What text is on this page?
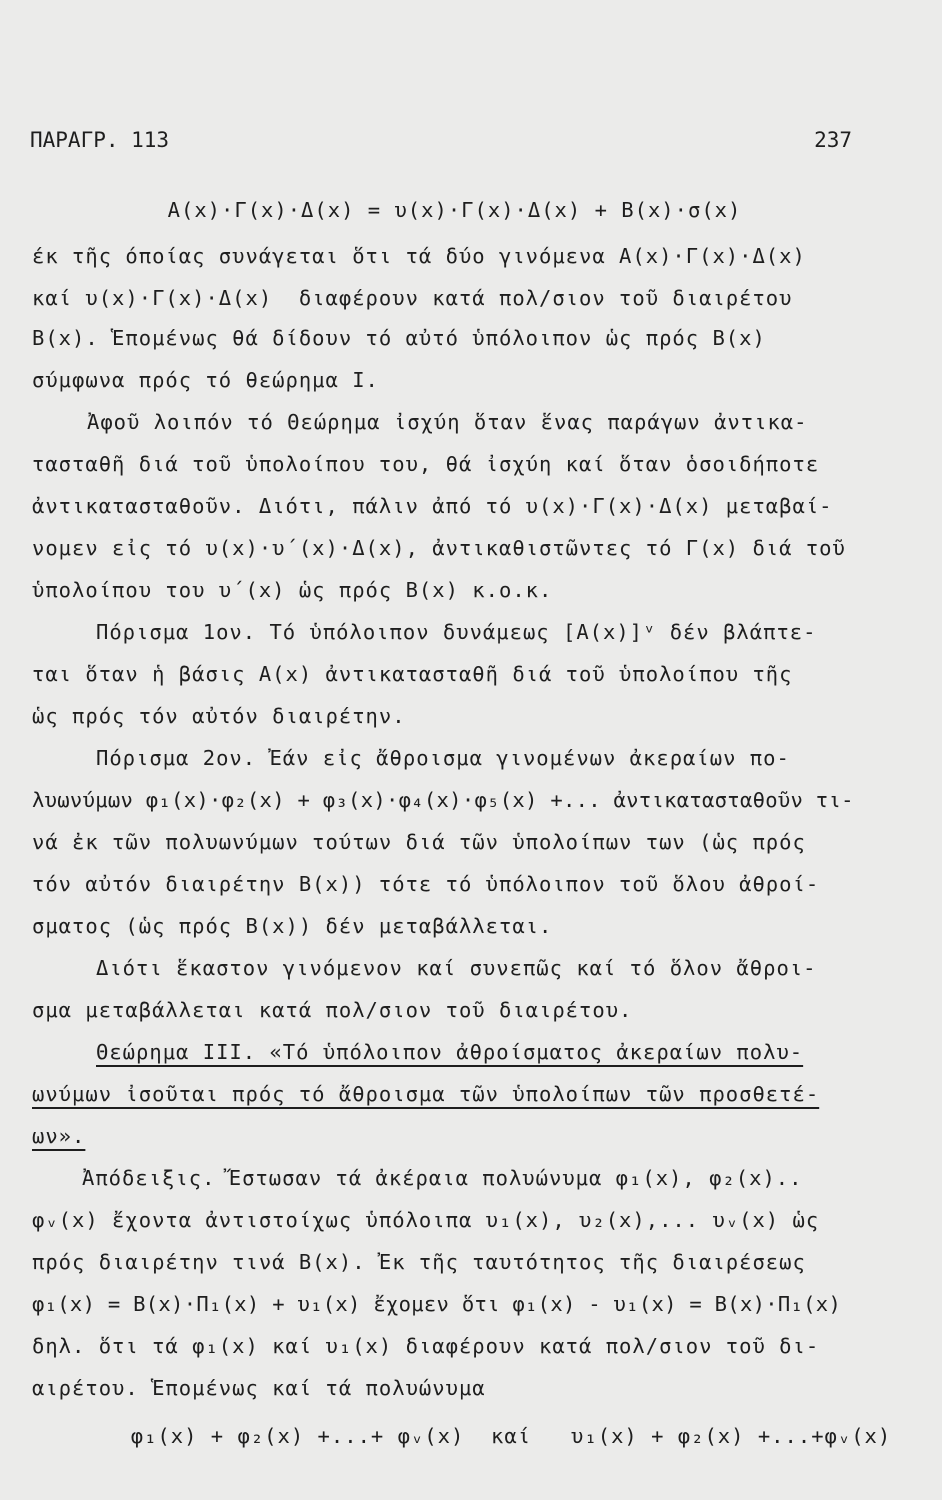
ΠΑΡΑΓΡ. 113	237
Α(x)·Γ(x)·Δ(x) = υ(x)·Γ(x)·Δ(x) + Β(x)·σ(x)
έκ τῆς όποίας συνάγεται ὅτι τά δύο γινόμενα Α(x)·Γ(x)·Δ(x)
καί υ(x)·Γ(x)·Δ(x)  διαφέρουν κατά πολ/σιον τοῦ διαιρέτου
Β(x). Ἑπομένως θά δίδουν τό αὐτό ὑπόλοιπον ὡς πρός Β(x)
σύμφωνα πρός τό θεώρημα Ι.
Ἀφοῦ λοιπόν τό Θεώρημα ἰσχύη ὅταν ἕνας παράγων ἀντικα-
τασταθῆ διά τοῦ ὑπολοίπου του, θά ἰσχύη καί ὅταν ὁσοιδήποτε
ἀντικατασταθοῦν. Διότι, πάλιν ἀπό τό υ(x)·Γ(x)·Δ(x) μεταβαί-
νομεν εἰς τό υ(x)·υ΄(x)·Δ(x), ἀντικαθιστῶντες τό Γ(x) διά τοῦ
ὑπολοίπου του υ΄(x) ὡς πρός Β(x) κ.ο.κ.
Πόρισμα 1ον. Τό ὑπόλοιπον δυνάμεως [Α(x)]ᵛ δέν βλάπτε-
ται ὅταν ἡ βάσις Α(x) ἀντικατασταθῆ διά τοῦ ὑπολοίπου τῆς
ὡς πρός τόν αὐτόν διαιρέτην.
Πόρισμα 2ον. Ἐάν εἰς ἄθροισμα γινομένων ἀκεραίων πο-
λυωνύμων φ₁(x)·φ₂(x) + φ₃(x)·φ₄(x)·φ₅(x) +... ἀντικατασταθοῦν τι-
νά ἐκ τῶν πολυωνύμων τούτων διά τῶν ὑπολοίπων των (ὡς πρός
τόν αὐτόν διαιρέτην Β(x)) τότε τό ὑπόλοιπον τοῦ ὅλου ἀθροί-
σματος (ὡς πρός Β(x)) δέν μεταβάλλεται.
Διότι ἕκαστον γινόμενον καί συνεπῶς καί τό ὅλον ἄθροι-
σμα μεταβάλλεται κατά πολ/σιον τοῦ διαιρέτου.
Θεώρημα ΙΙΙ. «Τό ὑπόλοιπον ἀθροίσματος ἀκεραίων πολυ-
ωνύμων ἰσοῦται πρός τό ἄθροισμα τῶν ὑπολοίπων τῶν προσθετέ-
ων».
Ἀπόδειξις. Ἔστωσαν τά ἀκέραια πολυώνυμα φ₁(x), φ₂(x)..
φᵥ(x) ἔχοντα ἀντιστοίχως ὑπόλοιπα υ₁(x), υ₂(x),... υᵥ(x) ὡς
πρός διαιρέτην τινά Β(x). Ἐκ τῆς ταυτότητος τῆς διαιρέσεως
φ₁(x) = Β(x)·Π₁(x) + υ₁(x) ἔχομεν ὅτι φ₁(x) - υ₁(x) = Β(x)·Π₁(x)
δηλ. ὅτι τά φ₁(x) καί υ₁(x) διαφέρουν κατά πολ/σιον τοῦ δι-
αιρέτου. Ἑπομένως καί τά πολυώνυμα
φ₁(x) + φ₂(x) +...+ φᵥ(x)  καί   υ₁(x) + φ₂(x) +...+φᵥ(x)
